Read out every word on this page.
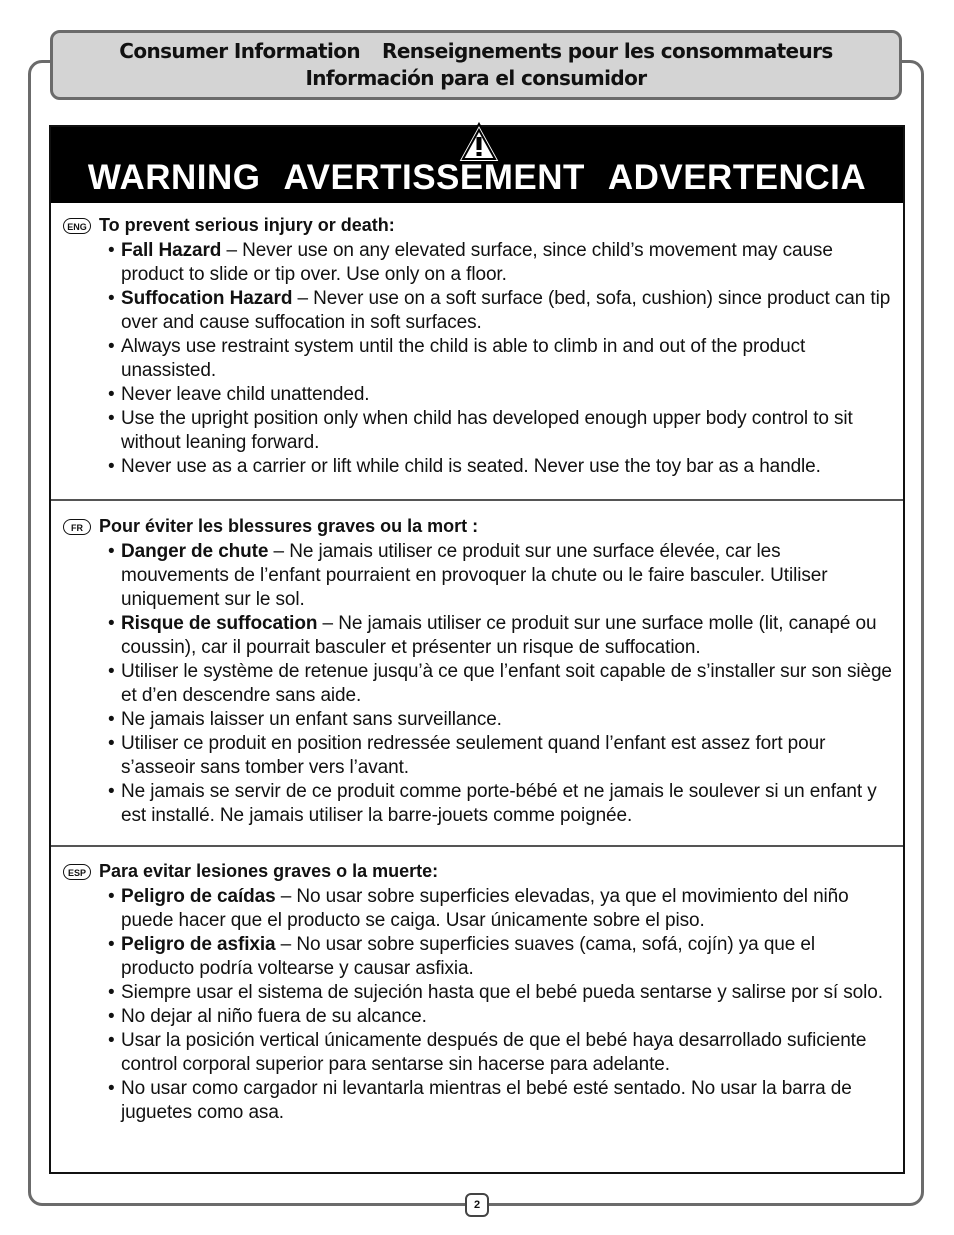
Consumer Information Renseignements pour les consommateurs
Información para el consumidor
WARNING AVERTISSEMENT ADVERTENCIA
ENG To prevent serious injury or death:
• Fall Hazard – Never use on any elevated surface, since child’s movement may cause product to slide or tip over. Use only on a floor.
• Suffocation Hazard – Never use on a soft surface (bed, sofa, cushion) since product can tip over and cause suffocation in soft surfaces.
• Always use restraint system until the child is able to climb in and out of the product unassisted.
• Never leave child unattended.
• Use the upright position only when child has developed enough upper body control to sit without leaning forward.
• Never use as a carrier or lift while child is seated. Never use the toy bar as a handle.
FR Pour éviter les blessures graves ou la mort :
• Danger de chute – Ne jamais utiliser ce produit sur une surface élevée, car les mouvements de l’enfant pourraient en provoquer la chute ou le faire basculer. Utiliser uniquement sur le sol.
• Risque de suffocation – Ne jamais utiliser ce produit sur une surface molle (lit, canapé ou coussin), car il pourrait basculer et présenter un risque de suffocation.
• Utiliser le système de retenue jusqu’à ce que l’enfant soit capable de s’installer sur son siège et d’en descendre sans aide.
• Ne jamais laisser un enfant sans surveillance.
• Utiliser ce produit en position redressée seulement quand l’enfant est assez fort pour s’asseoir sans tomber vers l’avant.
• Ne jamais se servir de ce produit comme porte-bébé et ne jamais le soulever si un enfant y est installé. Ne jamais utiliser la barre-jouets comme poignée.
ESP Para evitar lesiones graves o la muerte:
• Peligro de caídas – No usar sobre superficies elevadas, ya que el movimiento del niño puede hacer que el producto se caiga. Usar únicamente sobre el piso.
• Peligro de asfixia – No usar sobre superficies suaves (cama, sofá, cojín) ya que el producto podría voltearse y causar asfixia.
• Siempre usar el sistema de sujeción hasta que el bebé pueda sentarse y salirse por sí solo.
• No dejar al niño fuera de su alcance.
• Usar la posición vertical únicamente después de que el bebé haya desarrollado suficiente control corporal superior para sentarse sin hacerse para adelante.
• No usar como cargador ni levantarla mientras el bebé esté sentado. No usar la barra de juguetes como asa.
2
